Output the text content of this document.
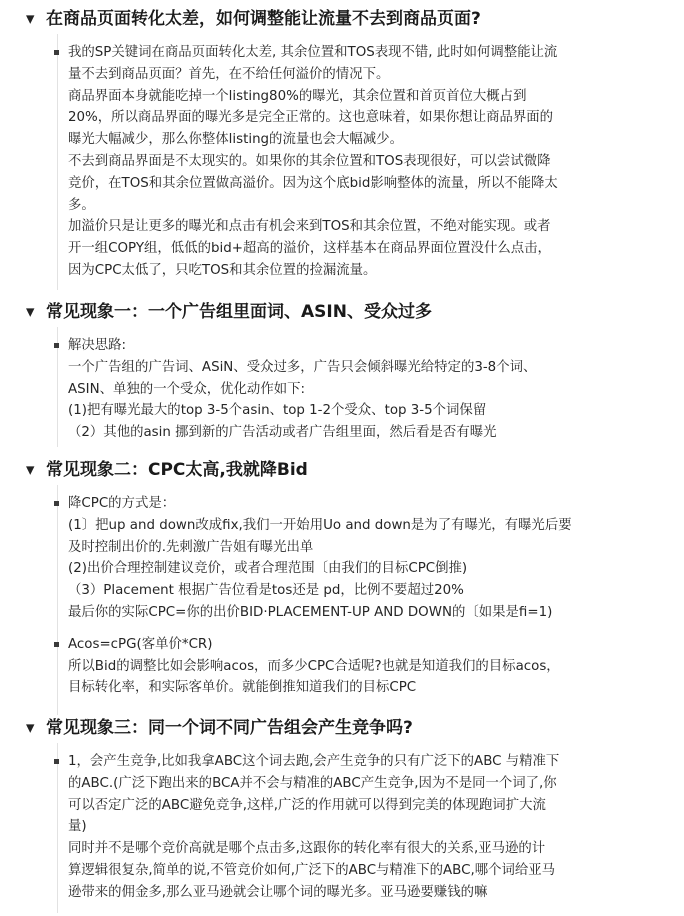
▼ 在商品页面转化太差，如何调整能让流量不去到商品页面?

我的SP关键词在商品页面转化太差, 其余位置和TOS表现不错, 此时如何调整能让流

量不去到商品页面？首先，在不给任何溢价的情况下。

商品界面本身就能吃掉一个listing80%的曝光，其余位置和首页首位大概占到

20%，所以商品界面的曝光多是完全正常的。这也意味着，如果你想让商品界面的

曝光大幅减少，那么你整体listing的流量也会大幅减少。

不去到商品界面是不太现实的。如果你的其余位置和TOS表现很好，可以尝试微降

竞价，在TOS和其余位置做高溢价。因为这个底bid影响整体的流量，所以不能降太

多。

加溢价只是让更多的曝光和点击有机会来到TOS和其余位置，不绝对能实现。或者

开一组COPY组，低低的bid+超高的溢价，这样基本在商品界面位置没什么点击，

因为CPC太低了，只吃TOS和其余位置的捡漏流量。

▼ 常见现象一：一个广告组里面词、ASIN、受众过多

解决思路:

一个广告组的广告词、ASiN、受众过多，广告只会倾斜曝光给特定的3-8个词、

ASIN、单独的一个受众，优化动作如下:

(1)把有曝光最大的top 3-5个asin、top 1-2个受众、top 3-5个词保留

（2）其他的asin 挪到新的广告活动或者广告组里面，然后看是否有曝光

▼ 常见现象二：CPC太高,我就降Bid

降CPC的方式是：

(1〕把up and down改成fix,我们一开始用Uo and down是为了有曝光，有曝光后要

及时控制出价的.先刺激广告姐有曝光出单

(2)出价合理控制建议竞价，或者合理范围〔由我们的目标CPC倒推)

（3）Placement 根据广告位看是tos还是 pd，比例不要超过20%

最后你的实际CPC=你的出价BID·PLACEMENT-UP AND DOWN的〔如果是fi=1)

Acos=cPG(客单价*CR)

所以Bid的调整比如会影响acos，而多少CPC合适呢?也就是知道我们的目标acos，

目标转化率，和实际客单价。就能倒推知道我们的目标CPC

▼ 常见现象三：同一个词不同广告组会产生竞争吗?

1，会产生竞争,比如我拿ABC这个词去跑,会产生竞争的只有广泛下的ABC 与精准下

的ABC.(广泛下跑出来的BCA并不会与精准的ABC产生竞争,因为不是同一个词了,你

可以否定广泛的ABC避免竞争,这样,广泛的作用就可以得到完美的体现跑词扩大流

量)

同时并不是哪个竞价高就是哪个点击多,这跟你的转化率有很大的关系,亚马逊的计

算逻辑很复杂,简单的说,不管竞价如何,广泛下的ABC与精准下的ABC,哪个词给亚马

逊带来的佣金多,那么亚马逊就会让哪个词的曝光多。亚马逊要赚钱的嘛
